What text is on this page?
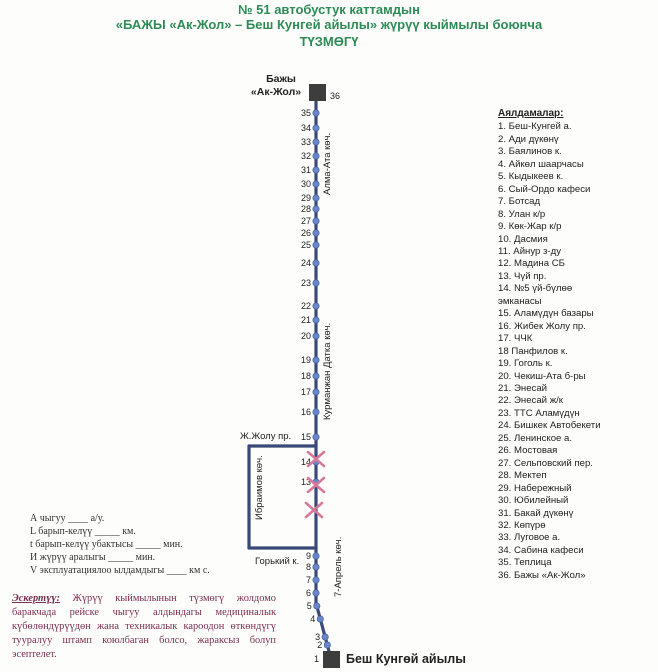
№ 51 автобустук каттамдын
«БАЖЫ «Ак-Жол» – Беш Кунгей айылы» жүрүү кыймылы боюнча
ТҮЗМӨГҮ
35
34
33
32
31
30
29
28
27
26
25
24
23
22
21
20
19
18
17
16
15
14
13
9
8
7
6
5
4
3
2
Бажы
«Ак-Жол»	36
Беш Кунгөй айылы
1
Алма-Ата көч.
Курманжан Датка көч.
Ж.Жолу пр.
Ибраимов көч.
Горький к.	7-Апрель көч.
Аялдамалар:
1. Беш-Кунгей а.
2. Ади дүкөнү
3. Баялинов к.
4. Айкөл шаарчасы
5. Кыдыкеев к.
6. Сый-Ордо кафеси
7. Ботсад
8. Улан к/р
9. Көк-Жар к/р
10. Дасмия
11. Айнур з-ду
12. Мадина СБ
13. Чүй пр.
14. №5 үй-бүлөө
эмканасы
15. Аламүдүн базары
16. Жибек Жолу пр.
17. ЧЧК
18 Панфилов к.
19. Гоголь к.
20. Чекиш-Ата б-ры
21. Энесай
22. Энесай ж/к
23. ТТС Аламүдүн
24. Бишкек Автобекети
25. Ленинское а.
26. Мостовая
27. Сельповский пер.
28. Мектеп
29. Набережный
30. Юбилейный
31. Бакай дүкөнү
32. Көпүрө
33. Луговое а.
34. Сабина кафеси
35. Теплица
36. Бажы «Ак-Жол»
А чыгуу ____ а/у.
L барып-келүү _____ км.
t барып-келүү убактысы _____ мин.
И жүрүү аралыгы _____ мин.
V эксплуатациялоо ылдамдыгы ____ км с.
Эскертүү: Жүрүү кыймылынын түзмөгү жолдомо баракчада рейске чыгуу алдындагы медициналык күбөлөндүрүүдөн жана техникалык кароодон өткөндүгү тууралуу штамп коюлбаган болсо, жараксыз болуп эсептелет.
